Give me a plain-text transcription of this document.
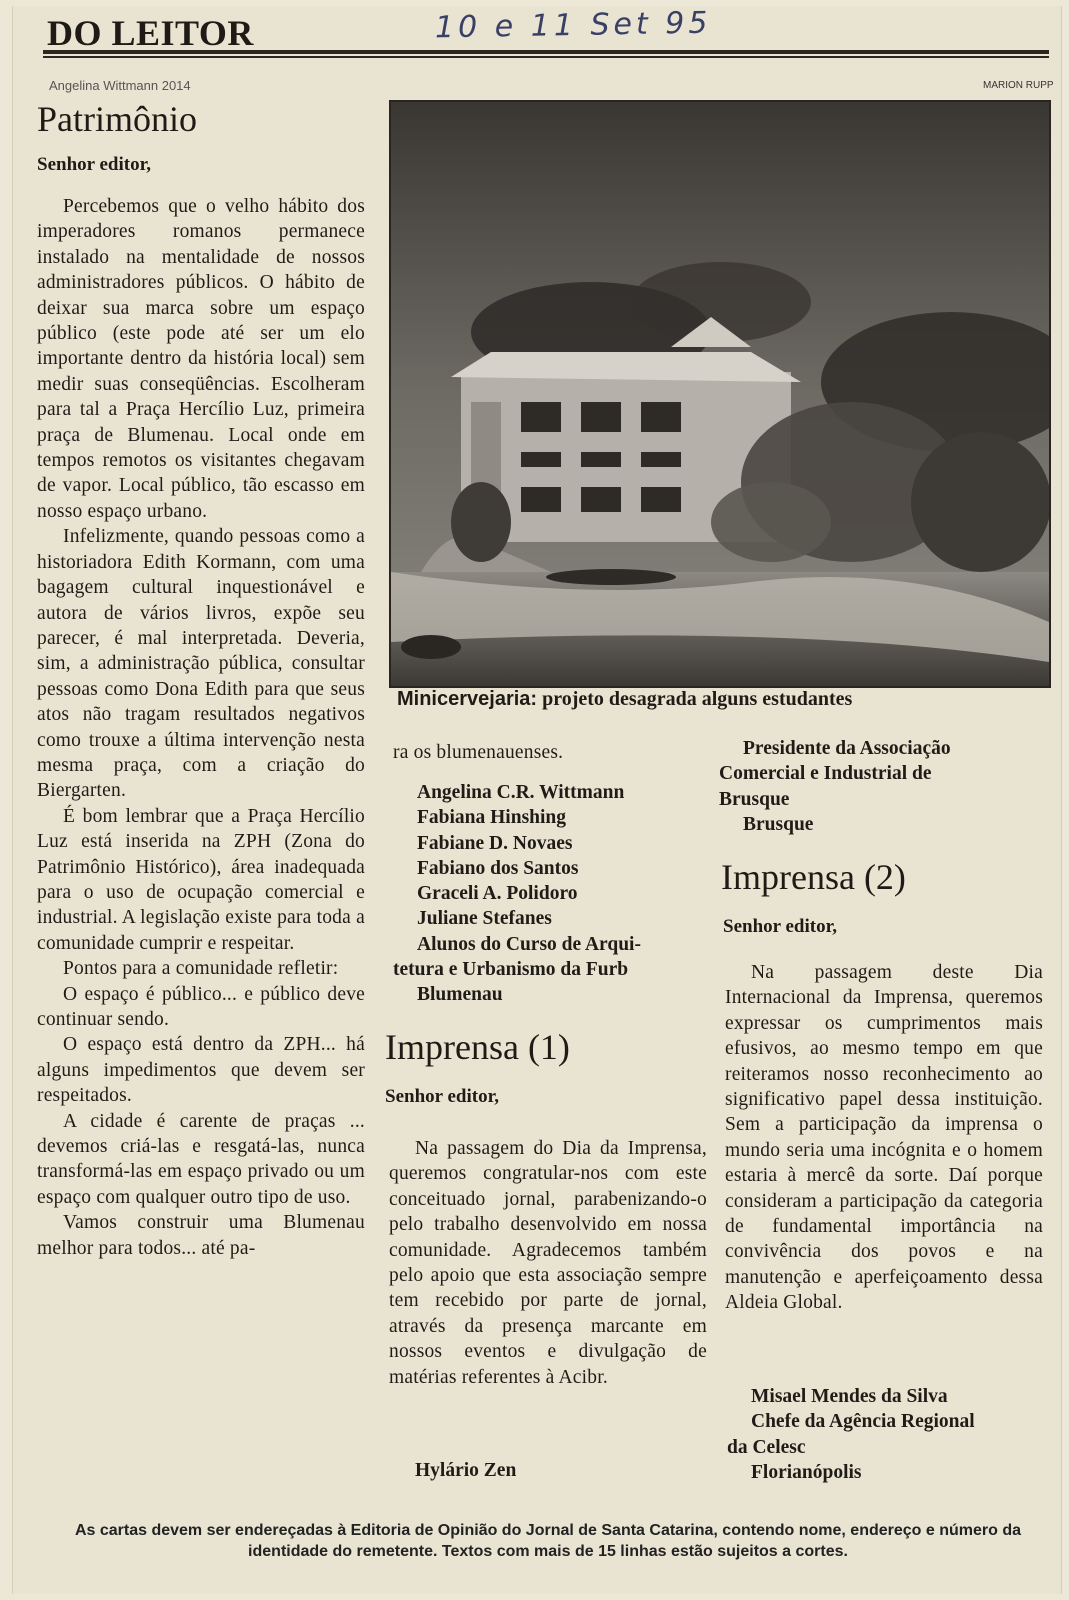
DO LEITOR	10 e 11 Set 95
Angelina Wittmann 2014	MARION RUPP
Patrimônio
Senhor editor,

Percebemos que o velho hábito dos imperadores romanos permanece instalado na mentalidade de nossos administradores públicos. O hábito de deixar sua marca sobre um espaço público (este pode até ser um elo importante dentro da história local) sem medir suas conseqüências. Escolheram para tal a Praça Hercílio Luz, primeira praça de Blumenau. Local onde em tempos remotos os visitantes chegavam de vapor. Local público, tão escasso em nosso espaço urbano.

Infelizmente, quando pessoas como a historiadora Edith Kormann, com uma bagagem cultural inquestionável e autora de vários livros, expõe seu parecer, é mal interpretada. Deveria, sim, a administração pública, consultar pessoas como Dona Edith para que seus atos não tragam resultados negativos como trouxe a última intervenção nesta mesma praça, com a criação do Biergarten.

É bom lembrar que a Praça Hercílio Luz está inserida na ZPH (Zona do Patrimônio Histórico), área inadequada para o uso de ocupação comercial e industrial. A legislação existe para toda a comunidade cumprir e respeitar.

Pontos para a comunidade refletir:

O espaço é público... e público deve continuar sendo.

O espaço está dentro da ZPH... há alguns impedimentos que devem ser respeitados.

A cidade é carente de praças ... devemos criá-las e resgatá-las, nunca transformá-las em espaço privado ou um espaço com qualquer outro tipo de uso.

Vamos construir uma Blumenau melhor para todos... até pa-

Minicervejaria: projeto desagrada alguns estudantes

ra os blumenauenses.

Angelina C.R. Wittmann
Fabiana Hinshing
Fabiane D. Novaes
Fabiano dos Santos
Graceli A. Polidoro
Juliane Stefanes
Alunos do Curso de Arqui-
tetura e Urbanismo da Furb
Blumenau
Imprensa (1)
Senhor editor,

Na passagem do Dia da Imprensa, queremos congratular-nos com este conceituado jornal, parabenizando-o pelo trabalho desenvolvido em nossa comunidade. Agradecemos também pelo apoio que esta associação sempre tem recebido por parte de jornal, através da presença marcante em nossos eventos e divulgação de matérias referentes à Acibr.

Hylário Zen
Presidente da Associação
Comercial e Industrial de
Brusque
Brusque
Imprensa (2)
Senhor editor,

Na passagem deste Dia Internacional da Imprensa, queremos expressar os cumprimentos mais efusivos, ao mesmo tempo em que reiteramos nosso reconhecimento ao significativo papel dessa instituição. Sem a participação da imprensa o mundo seria uma incógnita e o homem estaria à mercê da sorte. Daí porque consideram a participação da categoria de fundamental importância na convivência dos povos e na manutenção e aperfeiçoamento dessa Aldeia Global.

Misael Mendes da Silva
Chefe da Agência Regional
da Celesc
Florianópolis
As cartas devem ser endereçadas à Editoria de Opinião do Jornal de Santa Catarina, contendo nome, endereço e número da identidade do remetente. Textos com mais de 15 linhas estão sujeitos a cortes.
